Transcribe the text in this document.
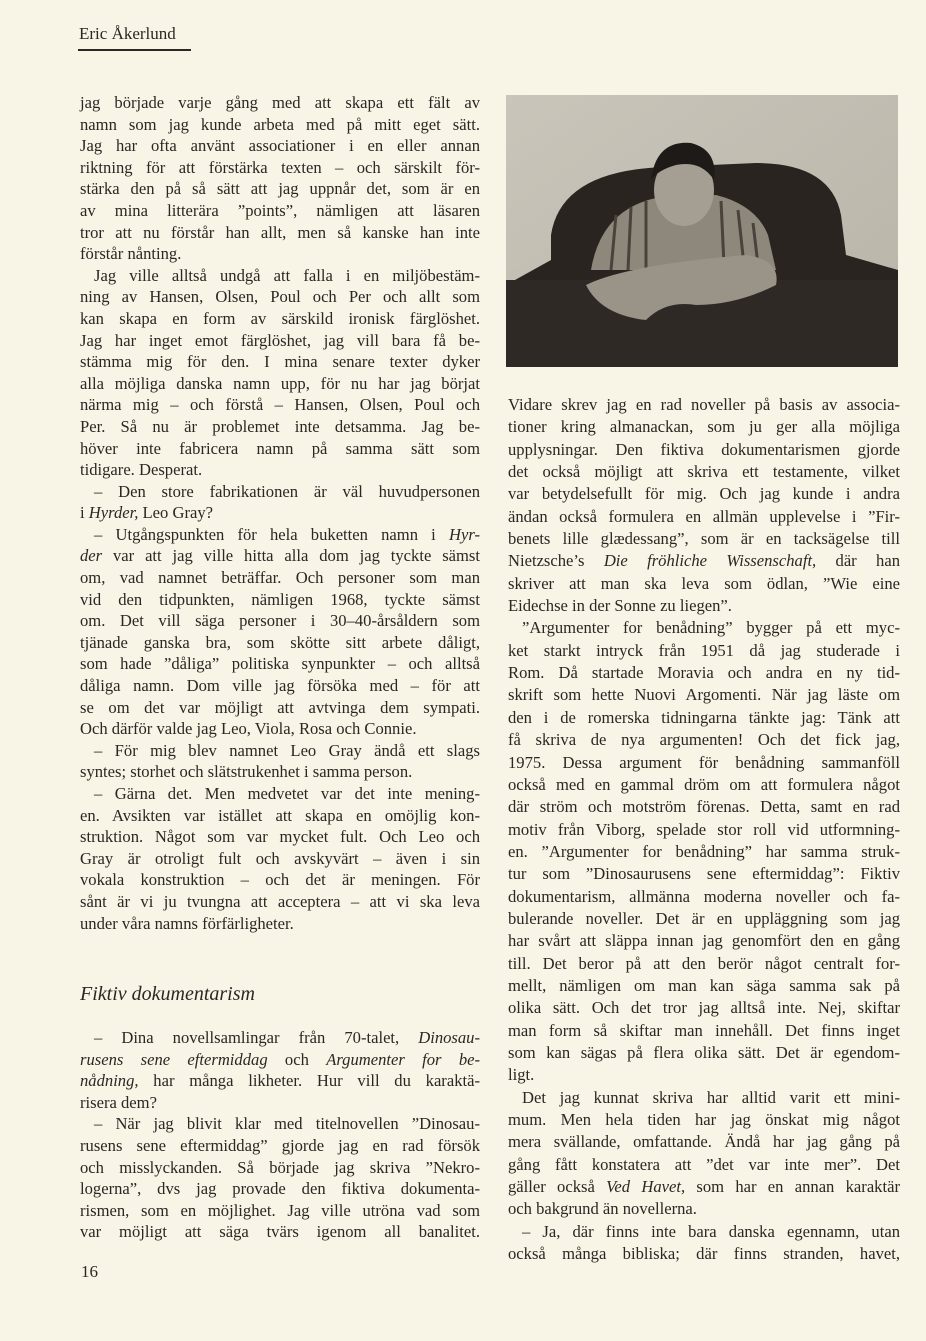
Eric Åkerlund
jag började varje gång med att skapa ett fält av
namn som jag kunde arbeta med på mitt eget sätt.
Jag har ofta använt associationer i en eller annan
riktning för att förstärka texten – och särskilt för-
stärka den på så sätt att jag uppnår det, som är en
av mina litterära ”points”, nämligen att läsaren
tror att nu förstår han allt, men så kanske han inte
förstår nånting.
Jag ville alltså undgå att falla i en miljöbestäm-
ning av Hansen, Olsen, Poul och Per och allt som
kan skapa en form av särskild ironisk färglöshet.
Jag har inget emot färglöshet, jag vill bara få be-
stämma mig för den. I mina senare texter dyker
alla möjliga danska namn upp, för nu har jag börjat
närma mig – och förstå – Hansen, Olsen, Poul och
Per. Så nu är problemet inte detsamma. Jag be-
höver inte fabricera namn på samma sätt som
tidigare. Desperat.
– Den store fabrikationen är väl huvudpersonen
i Hyrder, Leo Gray?
– Utgångspunkten för hela buketten namn i Hyr-
der var att jag ville hitta alla dom jag tyckte sämst
om, vad namnet beträffar. Och personer som man
vid den tidpunkten, nämligen 1968, tyckte sämst
om. Det vill säga personer i 30–40-årsåldern som
tjänade ganska bra, som skötte sitt arbete dåligt,
som hade ”dåliga” politiska synpunkter – och alltså
dåliga namn. Dom ville jag försöka med – för att
se om det var möjligt att avtvinga dem sympati.
Och därför valde jag Leo, Viola, Rosa och Connie.
– För mig blev namnet Leo Gray ändå ett slags
syntes; storhet och slätstrukenhet i samma person.
– Gärna det. Men medvetet var det inte mening-
en. Avsikten var istället att skapa en omöjlig kon-
struktion. Något som var mycket fult. Och Leo och
Gray är otroligt fult och avskyvärt – även i sin
vokala konstruktion – och det är meningen. För
sånt är vi ju tvungna att acceptera – att vi ska leva
under våra namns förfärligheter.
Fiktiv dokumentarism
– Dina novellsamlingar från 70-talet, Dinosau-
rusens sene eftermiddag och Argumenter for be-
nådning, har många likheter. Hur vill du karaktä-
risera dem?
– När jag blivit klar med titelnovellen ”Dinosau-
rusens sene eftermiddag” gjorde jag en rad försök
och misslyckanden. Så började jag skriva ”Nekro-
logerna”, dvs jag provade den fiktiva dokumenta-
rismen, som en möjlighet. Jag ville utröna vad som
var möjligt att säga tvärs igenom all banalitet.
Vidare skrev jag en rad noveller på basis av associa-
tioner kring almanackan, som ju ger alla möjliga
upplysningar. Den fiktiva dokumentarismen gjorde
det också möjligt att skriva ett testamente, vilket
var betydelsefullt för mig. Och jag kunde i andra
ändan också formulera en allmän upplevelse i ”Fir-
benets lille glædessang”, som är en tacksägelse till
Nietzsche’s Die fröhliche Wissenschaft, där han
skriver att man ska leva som ödlan, ”Wie eine
Eidechse in der Sonne zu liegen”.
”Argumenter for benådning” bygger på ett myc-
ket starkt intryck från 1951 då jag studerade i
Rom. Då startade Moravia och andra en ny tid-
skrift som hette Nuovi Argomenti. När jag läste om
den i de romerska tidningarna tänkte jag: Tänk att
få skriva de nya argumenten! Och det fick jag,
1975. Dessa argument för benådning sammanföll
också med en gammal dröm om att formulera något
där ström och motström förenas. Detta, samt en rad
motiv från Viborg, spelade stor roll vid utformning-
en. ”Argumenter for benådning” har samma struk-
tur som ”Dinosaurusens sene eftermiddag”: Fiktiv
dokumentarism, allmänna moderna noveller och fa-
bulerande noveller. Det är en uppläggning som jag
har svårt att släppa innan jag genomfört den en gång
till. Det beror på att den berör något centralt for-
mellt, nämligen om man kan säga samma sak på
olika sätt. Och det tror jag alltså inte. Nej, skiftar
man form så skiftar man innehåll. Det finns inget
som kan sägas på flera olika sätt. Det är egendom-
ligt.
Det jag kunnat skriva har alltid varit ett mini-
mum. Men hela tiden har jag önskat mig något
mera svällande, omfattande. Ändå har jag gång på
gång fått konstatera att ”det var inte mer”. Det
gäller också Ved Havet, som har en annan karaktär
och bakgrund än novellerna.
– Ja, där finns inte bara danska egennamn, utan
också många bibliska; där finns stranden, havet,
16
